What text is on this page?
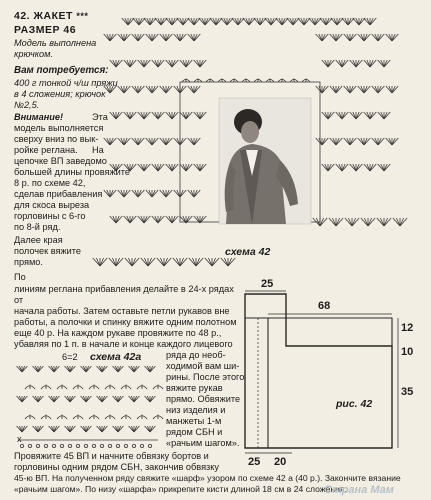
42. ЖАКЕТ ***
РАЗМЕР 46
Модель выполнена
крючком.
Вам потребуется:
400 г тонкой ч/ш пряжи
в 4 сложения; крючок
№2,5.
Внимание!	Эта
модель выполняется
сверху вниз по вык-
ройке реглана. На
цепочке ВП заведомо
большей длины провяжите 8 р. по схеме 42,
сделав прибавления
для скоса выреза
горловины с 6-го
по 8-й ряд.
Далее края
полочек вяжите
прямо.
По
линиям реглана прибавления делайте в 24-х рядах от
начала работы. Затем оставьте петли рукавов вне
работы, а полочки и спинку вяжите одним полотном
еще 40 р. На каждом рукаве провяжите по 48 р.,
убавляя по 1 п. в начале и конце каждого лицевого
ряда до необ-
ходимой вам ши-
рины. После этого
вяжите рукав
прямо. Обвяжите
низ изделия и
манжеты 1-м
рядом СБН и
«рачьим шагом».
Провяжите 45 ВП и начните обвязку бортов и
горловины одним рядом СБН, закончив обвязку
45-ю ВП. На полученном ряду свяжите «шарф» узором по схеме 42 а (40 р.). Закончите вязание
«рачьим шагом». По низу «шарфа» прикрепите кисти длиной 18 см в 24 сложения.
схема 42
6=2 схема 42а
х
рис. 42
25
68
12
10
35
25 20
Страна Мам
